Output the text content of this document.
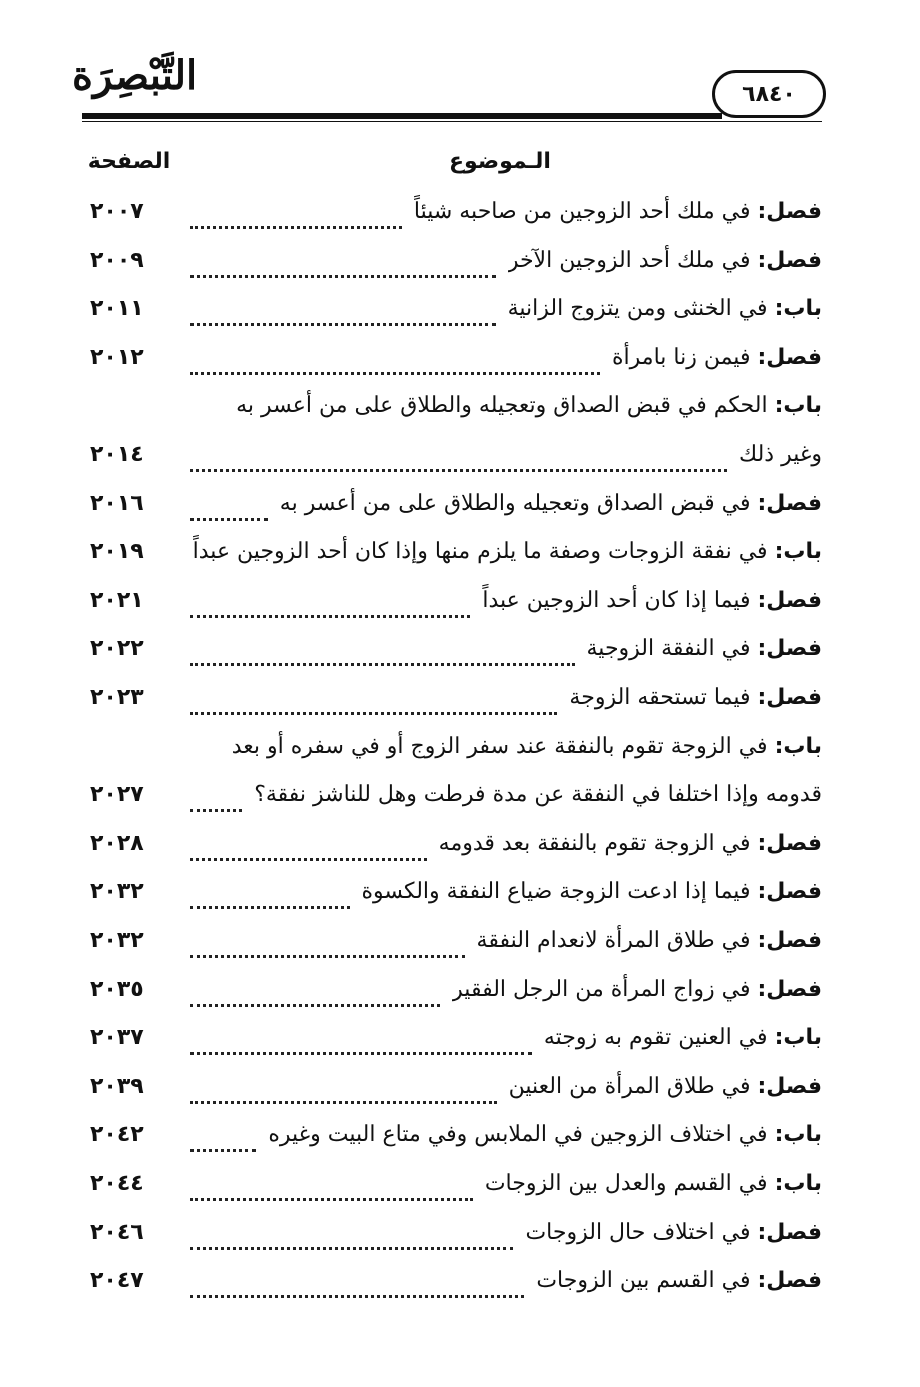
التَّبْصِرَة	٦٨٤٠
الـموضوع
الصفحة
فصل: في ملك أحد الزوجين من صاحبه شيئاً
٢٠٠٧
فصل: في ملك أحد الزوجين الآخر
٢٠٠٩
باب: في الخنثى ومن يتزوج الزانية
٢٠١١
فصل: فيمن زنا بامرأة
٢٠١٢
باب: الحكم في قبض الصداق وتعجيله والطلاق على من أعسر به
وغير ذلك
٢٠١٤
فصل: في قبض الصداق وتعجيله والطلاق على من أعسر به
٢٠١٦
باب: في نفقة الزوجات وصفة ما يلزم منها وإذا كان أحد الزوجين عبداً
٢٠١٩
فصل: فيما إذا كان أحد الزوجين عبداً
٢٠٢١
فصل: في النفقة الزوجية
٢٠٢٢
فصل: فيما تستحقه الزوجة
٢٠٢٣
باب: في الزوجة تقوم بالنفقة عند سفر الزوج أو في سفره أو بعد
قدومه وإذا اختلفا في النفقة عن مدة فرطت وهل للناشز نفقة؟
٢٠٢٧
فصل: في الزوجة تقوم بالنفقة بعد قدومه
٢٠٢٨
فصل: فيما إذا ادعت الزوجة ضياع النفقة والكسوة
٢٠٣٢
فصل: في طلاق المرأة لانعدام النفقة
٢٠٣٢
فصل: في زواج المرأة من الرجل الفقير
٢٠٣٥
باب: في العنين تقوم به زوجته
٢٠٣٧
فصل: في طلاق المرأة من العنين
٢٠٣٩
باب: في اختلاف الزوجين في الملابس وفي متاع البيت وغيره
٢٠٤٢
باب: في القسم والعدل بين الزوجات
٢٠٤٤
فصل: في اختلاف حال الزوجات
٢٠٤٦
فصل: في القسم بين الزوجات
٢٠٤٧
